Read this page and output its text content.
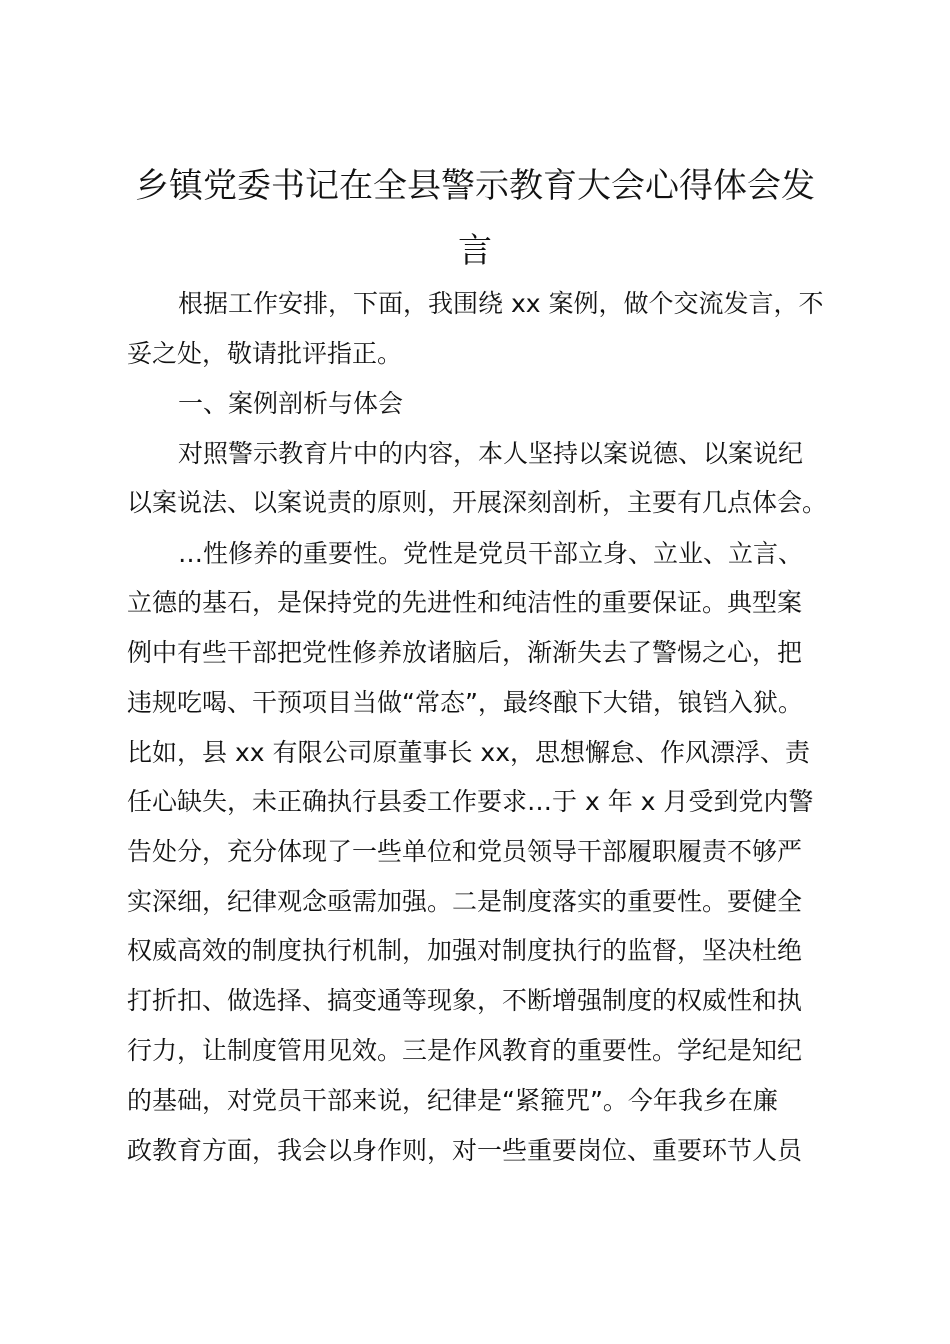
乡镇党委书记在全县警示教育大会心得体会发
言
根据工作安排，下面，我围绕 xx 案例，做个交流发言，不
妥之处，敬请批评指正。
一、案例剖析与体会
对照警示教育片中的内容，本人坚持以案说德、以案说纪
以案说法、以案说责的原则，开展深刻剖析，主要有几点体会。
…性修养的重要性。党性是党员干部立身、立业、立言、
立德的基石，是保持党的先进性和纯洁性的重要保证。典型案
例中有些干部把党性修养放诸脑后，渐渐失去了警惕之心，把
违规吃喝、干预项目当做“常态”，最终酿下大错，锒铛入狱。
比如，县 xx 有限公司原董事长 xx，思想懈怠、作风漂浮、责
任心缺失，未正确执行县委工作要求…于 x 年 x 月受到党内警
告处分，充分体现了一些单位和党员领导干部履职履责不够严
实深细，纪律观念亟需加强。二是制度落实的重要性。要健全
权威高效的制度执行机制，加强对制度执行的监督，坚决杜绝
打折扣、做选择、搞变通等现象，不断增强制度的权威性和执
行力，让制度管用见效。三是作风教育的重要性。学纪是知纪
的基础，对党员干部来说，纪律是“紧箍咒”。今年我乡在廉
政教育方面，我会以身作则，对一些重要岗位、重要环节人员
